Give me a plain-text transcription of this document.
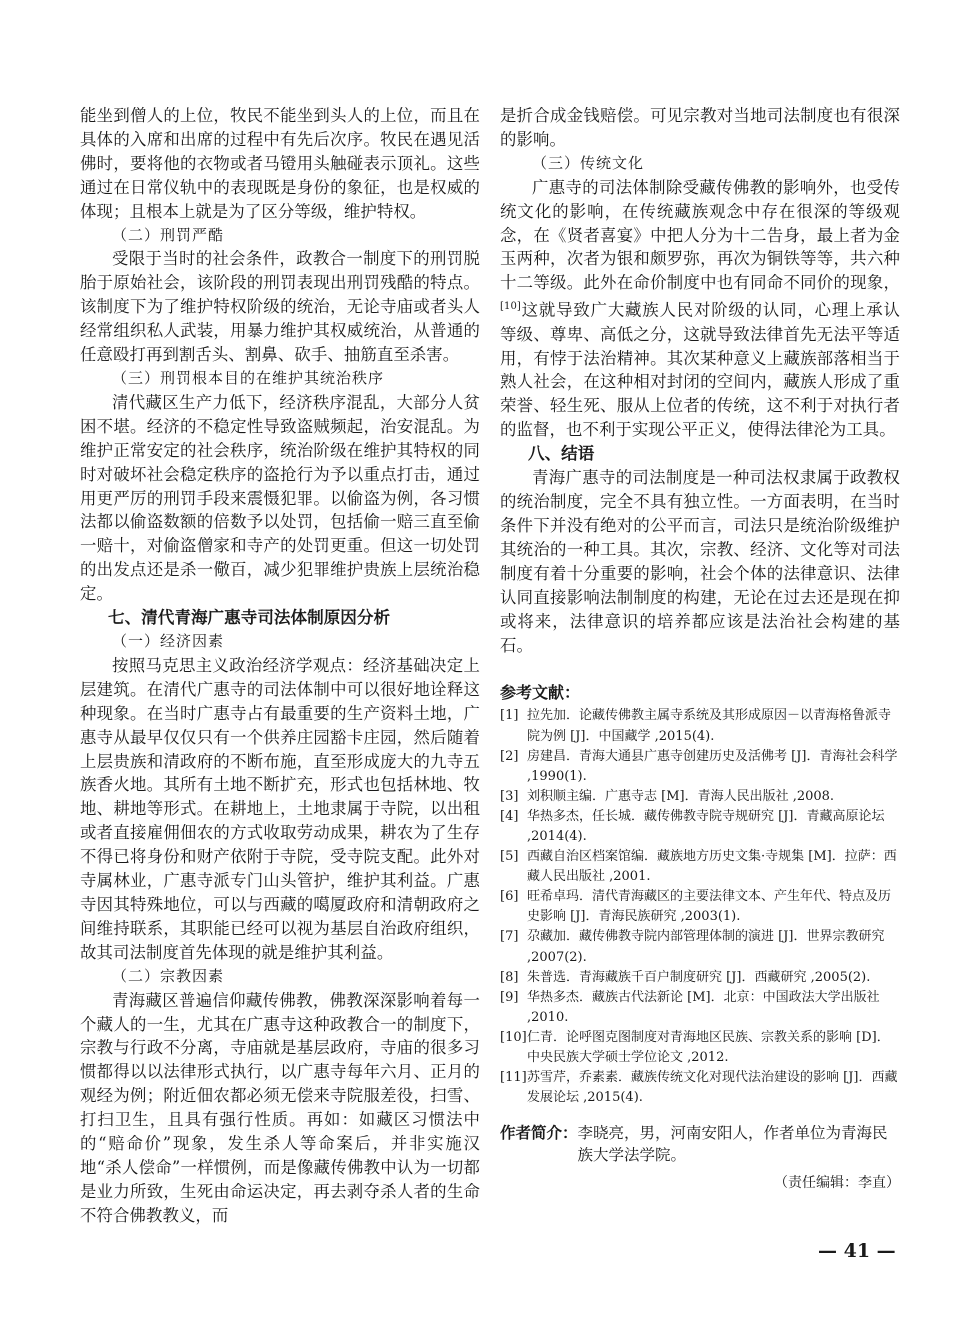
能坐到僧人的上位，牧民不能坐到头人的上位，而且在具体的入席和出席的过程中有先后次序。牧民在遇见活佛时，要将他的衣物或者马镫用头触碰表示顶礼。这些通过在日常仪轨中的表现既是身份的象征，也是权威的体现；且根本上就是为了区分等级，维护特权。

（二）刑罚严酷

受限于当时的社会条件，政教合一制度下的刑罚脱胎于原始社会，该阶段的刑罚表现出刑罚残酷的特点。该制度下为了维护特权阶级的统治，无论寺庙或者头人经常组织私人武装，用暴力维护其权威统治，从普通的任意殴打再到割舌头、割鼻、砍手、抽筋直至杀害。

（三）刑罚根本目的在维护其统治秩序

清代藏区生产力低下，经济秩序混乱，大部分人贫困不堪。经济的不稳定性导致盗贼频起，治安混乱。为维护正常安定的社会秩序，统治阶级在维护其特权的同时对破坏社会稳定秩序的盗抢行为予以重点打击，通过用更严厉的刑罚手段来震慑犯罪。以偷盗为例，各习惯法都以偷盗数额的倍数予以处罚，包括偷一赔三直至偷一赔十，对偷盗僧家和寺产的处罚更重。但这一切处罚的出发点还是杀一儆百，减少犯罪维护贵族上层统治稳定。

七、清代青海广惠寺司法体制原因分析

（一）经济因素

按照马克思主义政治经济学观点：经济基础决定上层建筑。在清代广惠寺的司法体制中可以很好地诠释这种现象。在当时广惠寺占有最重要的生产资料土地，广惠寺从最早仅仅只有一个供养庄园豁卡庄园，然后随着上层贵族和清政府的不断布施，直至形成庞大的九寺五族香火地。其所有土地不断扩充，形式也包括林地、牧地、耕地等形式。在耕地上，土地隶属于寺院，以出租或者直接雇佣佃农的方式收取劳动成果，耕农为了生存不得已将身份和财产依附于寺院，受寺院支配。此外对寺属林业，广惠寺派专门山头管护，维护其利益。广惠寺因其特殊地位，可以与西藏的噶厦政府和清朝政府之间维持联系，其职能已经可以视为基层自治政府组织，故其司法制度首先体现的就是维护其利益。

（二）宗教因素

青海藏区普遍信仰藏传佛教，佛教深深影响着每一个藏人的一生，尤其在广惠寺这种政教合一的制度下，宗教与行政不分离，寺庙就是基层政府，寺庙的很多习惯都得以以法律形式执行，以广惠寺每年六月、正月的观经为例；附近佃农都必须无偿来寺院服差役，扫雪、打扫卫生，且具有强行性质。再如：如藏区习惯法中的“赔命价”现象，发生杀人等命案后，并非实施汉地“杀人偿命”一样惯例，而是像藏传佛教中认为一切都是业力所致，生死由命运决定，再去剥夺杀人者的生命不符合佛教教义，而

是折合成金钱赔偿。可见宗教对当地司法制度也有很深的影响。

（三）传统文化

广惠寺的司法体制除受藏传佛教的影响外，也受传统文化的影响，在传统藏族观念中存在很深的等级观念，在《贤者喜宴》中把人分为十二告身，最上者为金玉两种，次者为银和颇罗弥，再次为铜铁等等，共六种十二等级。此外在命价制度中也有同命不同价的现象，[10]这就导致广大藏族人民对阶级的认同，心理上承认等级、尊卑、高低之分，这就导致法律首先无法平等适用，有悖于法治精神。其次某种意义上藏族部落相当于熟人社会，在这种相对封闭的空间内，藏族人形成了重荣誉、轻生死、服从上位者的传统，这不利于对执行者的监督，也不利于实现公平正义，使得法律沦为工具。

八、结语

青海广惠寺的司法制度是一种司法权隶属于政教权的统治制度，完全不具有独立性。一方面表明，在当时条件下并没有绝对的公平而言，司法只是统治阶级维护其统治的一种工具。其次，宗教、经济、文化等对司法制度有着十分重要的影响，社会个体的法律意识、法律认同直接影响法制制度的构建，无论在过去还是现在抑或将来，法律意识的培养都应该是法治社会构建的基石。

参考文献：

[1] 拉先加．论藏传佛教主属寺系统及其形成原因－以青海格鲁派寺院为例 [J]．中国藏学 ,2015(4).
[2] 房建昌．青海大通县广惠寺创建历史及活佛考 [J]．青海社会科学 ,1990(1).
[3] 刘积顺主编．广惠寺志 [M]．青海人民出版社 ,2008.
[4] 华热多杰，任长城．藏传佛教寺院寺规研究 [J]．青藏高原论坛 ,2014(4).
[5] 西藏自治区档案馆编．藏族地方历史文集·寺规集 [M]．拉萨：西藏人民出版社 ,2001.
[6] 旺希卓玛．清代青海藏区的主要法律文本、产生年代、特点及历史影响 [J]．青海民族研究 ,2003(1).
[7] 尕藏加．藏传佛教寺院内部管理体制的演进 [J]．世界宗教研究 ,2007(2).
[8] 朱普选．青海藏族千百户制度研究 [J]．西藏研究 ,2005(2).
[9] 华热多杰．藏族古代法新论 [M]．北京：中国政法大学出版社 ,2010.
[10] 仁青．论呼图克图制度对青海地区民族、宗教关系的影响 [D]．中央民族大学硕士学位论文 ,2012.
[11] 苏雪芹，乔素素．藏族传统文化对现代法治建设的影响 [J]．西藏发展论坛 ,2015(4).
作者简介： 李晓亮，男，河南安阳人，作者单位为青海民族大学法学院。

（责任编辑：李直）

— 41 —
